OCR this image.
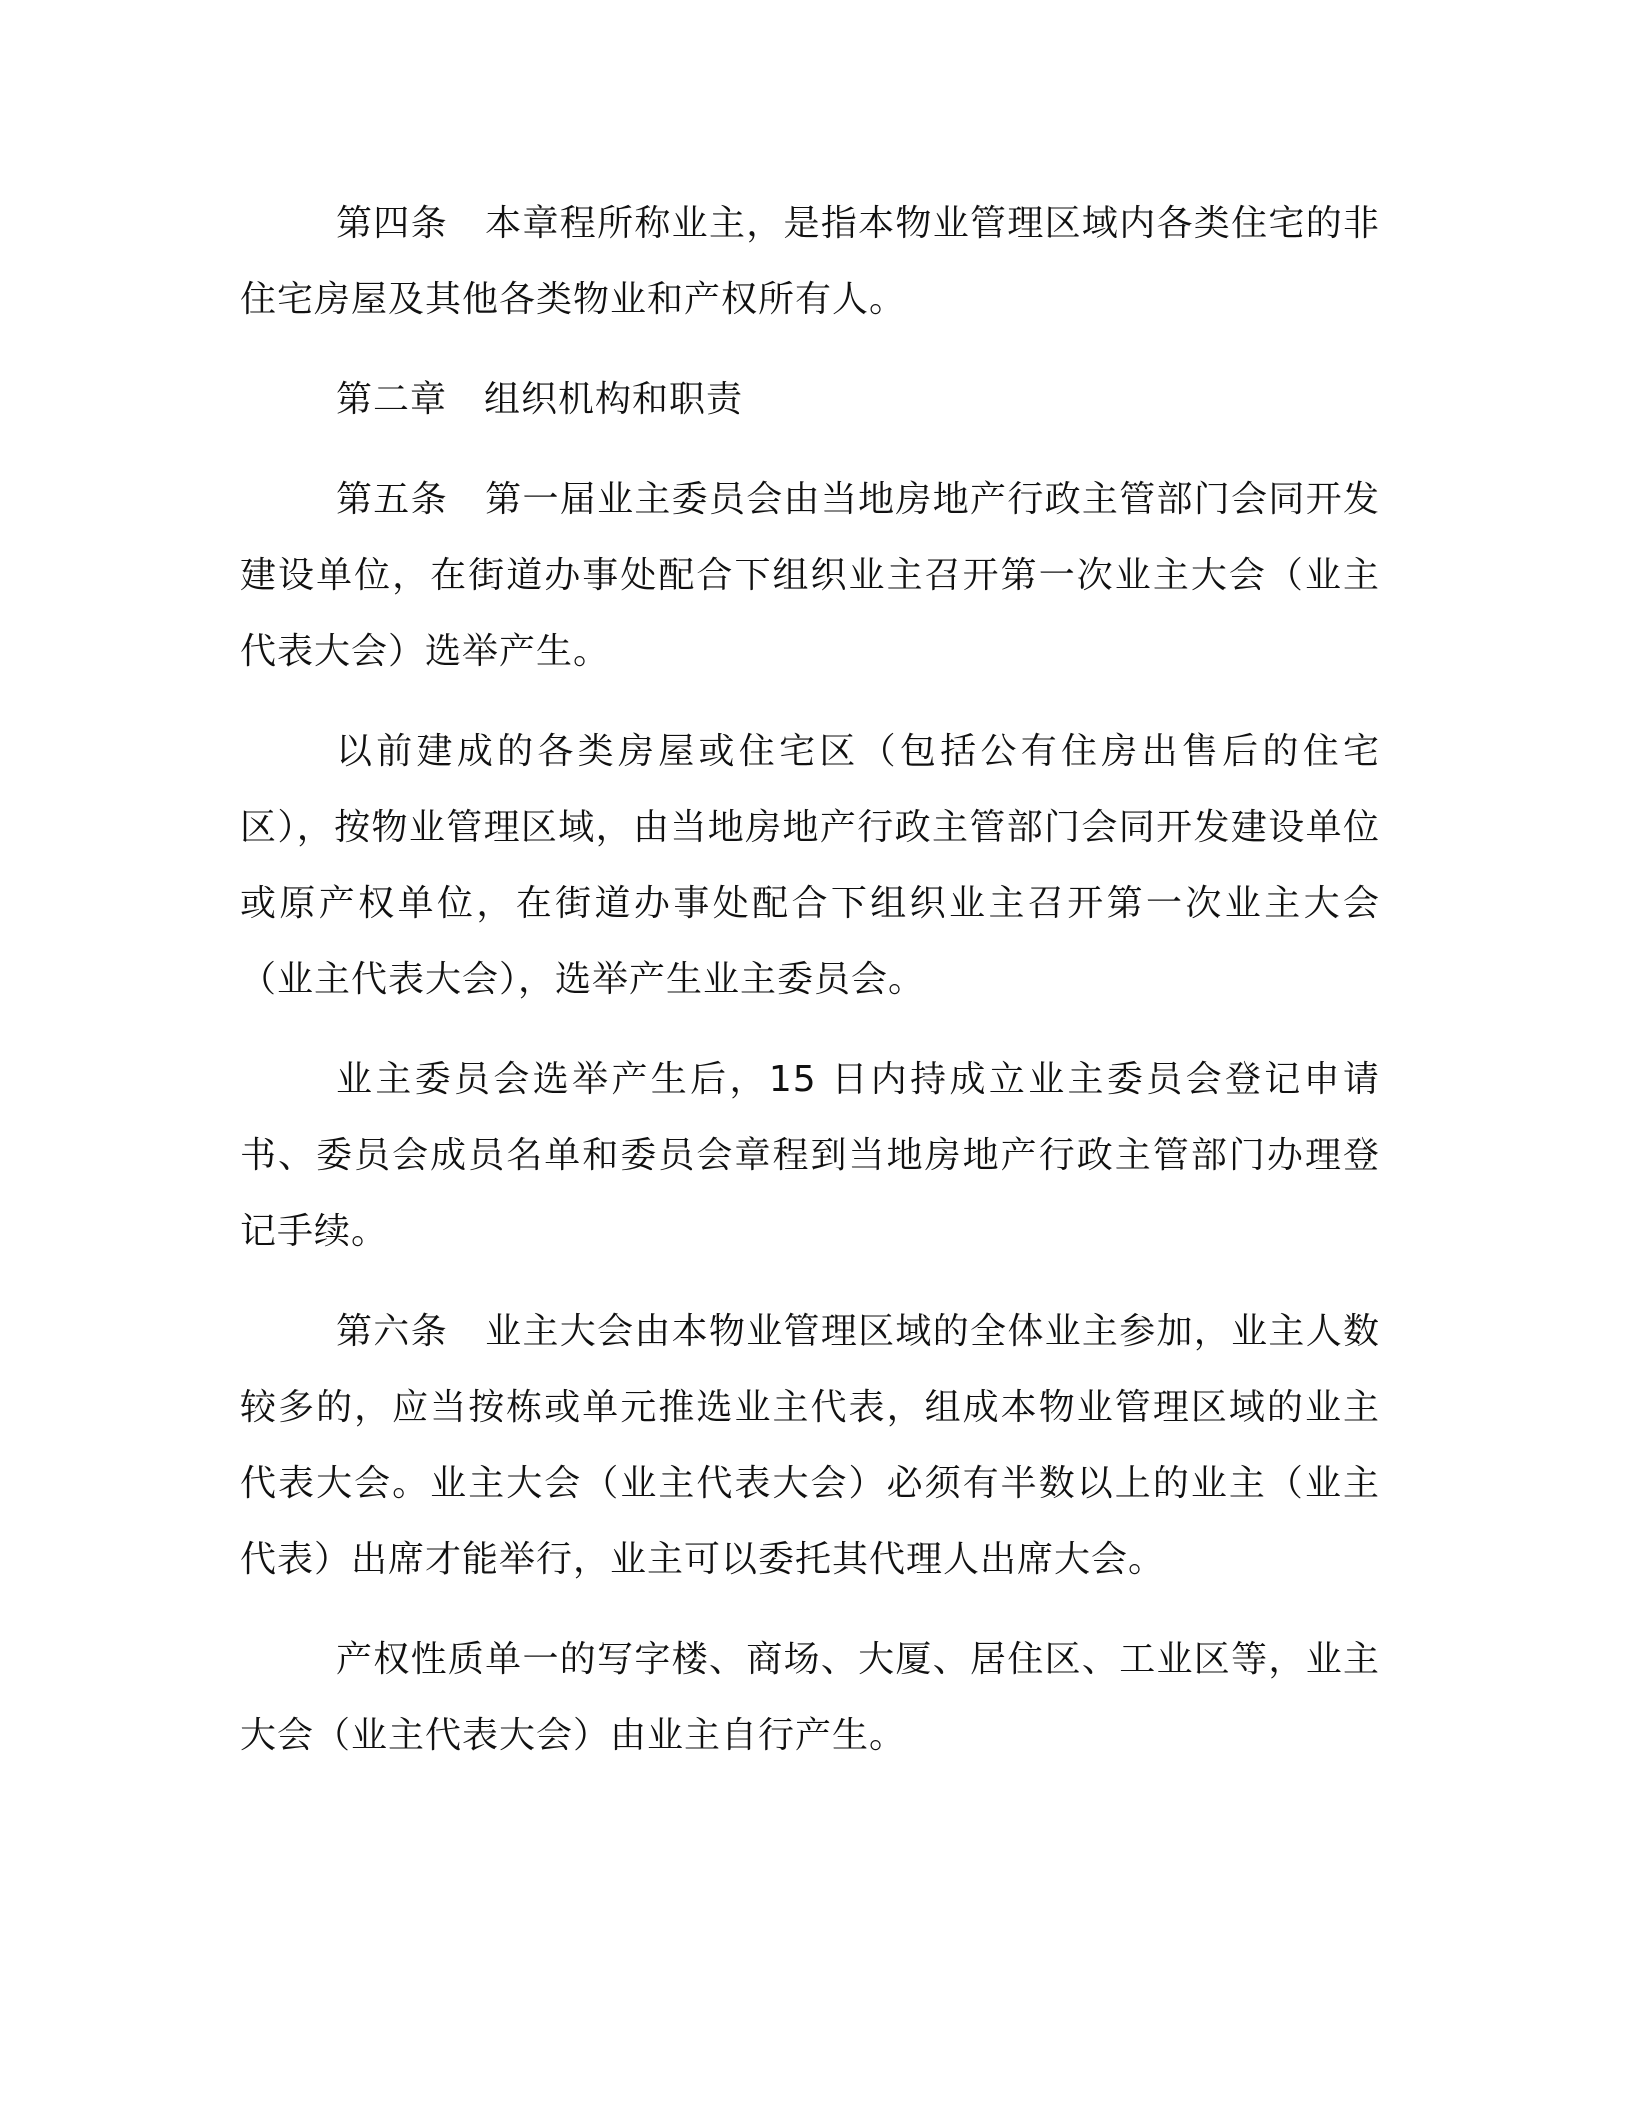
第四条　本章程所称业主，是指本物业管理区域内各类住宅的非住宅房屋及其他各类物业和产权所有人。

第二章　组织机构和职责

第五条　第一届业主委员会由当地房地产行政主管部门会同开发建设单位，在街道办事处配合下组织业主召开第一次业主大会（业主代表大会）选举产生。

以前建成的各类房屋或住宅区（包括公有住房出售后的住宅区），按物业管理区域，由当地房地产行政主管部门会同开发建设单位或原产权单位，在街道办事处配合下组织业主召开第一次业主大会（业主代表大会），选举产生业主委员会。

业主委员会选举产生后，15 日内持成立业主委员会登记申请书、委员会成员名单和委员会章程到当地房地产行政主管部门办理登记手续。

第六条　业主大会由本物业管理区域的全体业主参加，业主人数较多的，应当按栋或单元推选业主代表，组成本物业管理区域的业主代表大会。业主大会（业主代表大会）必须有半数以上的业主（业主代表）出席才能举行，业主可以委托其代理人出席大会。

产权性质单一的写字楼、商场、大厦、居住区、工业区等，业主大会（业主代表大会）由业主自行产生。
